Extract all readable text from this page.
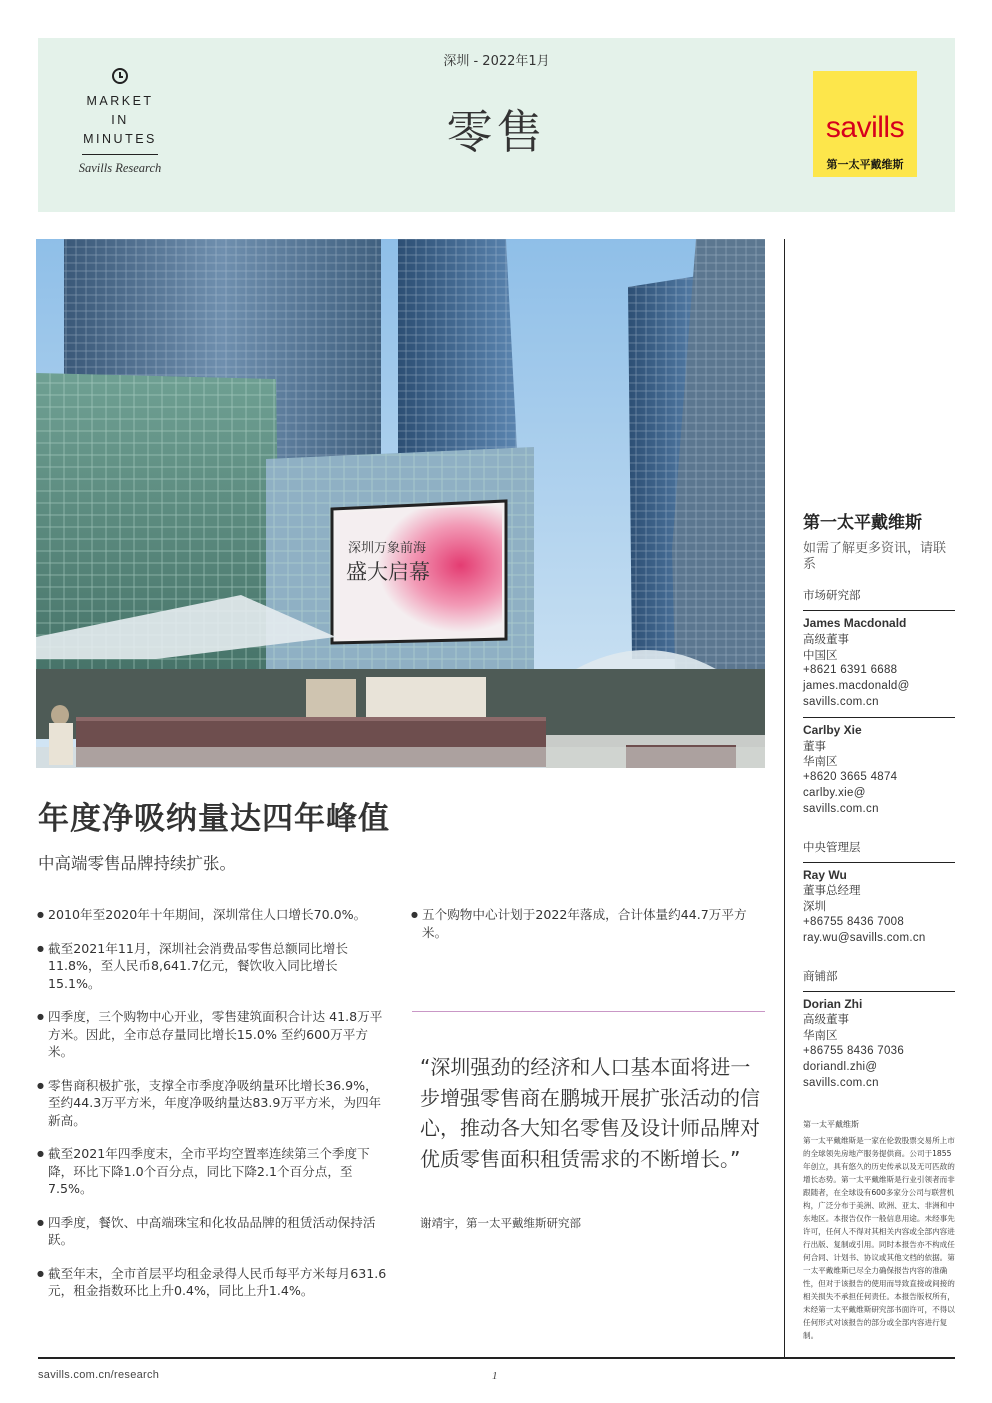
MARKET
IN
MINUTES
Savills Research
深圳 - 2022年1月
零售	savills
第一太平戴维斯
深圳万象前海
盛大启幕
年度净吸纳量达四年峰值
中高端零售品牌持续扩张。
● 2010年至2020年十年期间，深圳常住人口增长70.0%。
● 截至2021年11月，深圳社会消费品零售总额同比增长11.8%，至人民币8,641.7亿元，餐饮收入同比增长15.1%。
● 四季度，三个购物中心开业，零售建筑面积合计达 41.8万平方米。因此，全市总存量同比增长15.0% 至约600万平方米。
● 零售商积极扩张，支撑全市季度净吸纳量环比增长36.9%，至约44.3万平方米，年度净吸纳量达83.9万平方米，为四年新高。
● 截至2021年四季度末，全市平均空置率连续第三个季度下降，环比下降1.0个百分点，同比下降2.1个百分点，至7.5%。
● 四季度，餐饮、中高端珠宝和化妆品品牌的租赁活动保持活跃。
● 截至年末，全市首层平均租金录得人民币每平方米每月631.6元，租金指数环比上升0.4%，同比上升1.4%。
● 五个购物中心计划于2022年落成，合计体量约44.7万平方米。
“深圳强劲的经济和人口基本面将进一步增强零售商在鹏城开展扩张活动的信心，推动各大知名零售及设计师品牌对优质零售面积租赁需求的不断增长。”
谢靖宇，第一太平戴维斯研究部
第一太平戴维斯
如需了解更多资讯，请联系
市场研究部
James Macdonald
高级董事
中国区
+8621 6391 6688
james.macdonald@
savills.com.cn
Carlby Xie
董事
华南区
+8620 3665 4874
carlby.xie@
savills.com.cn
中央管理层
Ray Wu
董事总经理
深圳
+86755 8436 7008
ray.wu@savills.com.cn
商铺部
Dorian Zhi
高级董事
华南区
+86755 8436 7036
doriandl.zhi@
savills.com.cn
第一太平戴维斯
第一太平戴维斯是一家在伦敦股票交易所上市的全球领先房地产服务提供商。公司于1855年创立，具有悠久的历史传承以及无可匹敌的增长态势。第一太平戴维斯是行业引领者而非跟随者，在全球设有600多家分公司与联营机构，广泛分布于美洲、欧洲、亚太、非洲和中东地区。本报告仅作一般信息用途。未经事先许可，任何人不得对其相关内容或全部内容进行出版、复制或引用。同时本报告亦不构成任何合同、计划书、协议或其他文档的依据。第一太平戴维斯已尽全力确保报告内容的准确性，但对于该报告的使用而导致直接或间接的相关损失不承担任何责任。本报告版权所有，未经第一太平戴维斯研究部书面许可，不得以任何形式对该报告的部分或全部内容进行复制。
savills.com.cn/research	1
